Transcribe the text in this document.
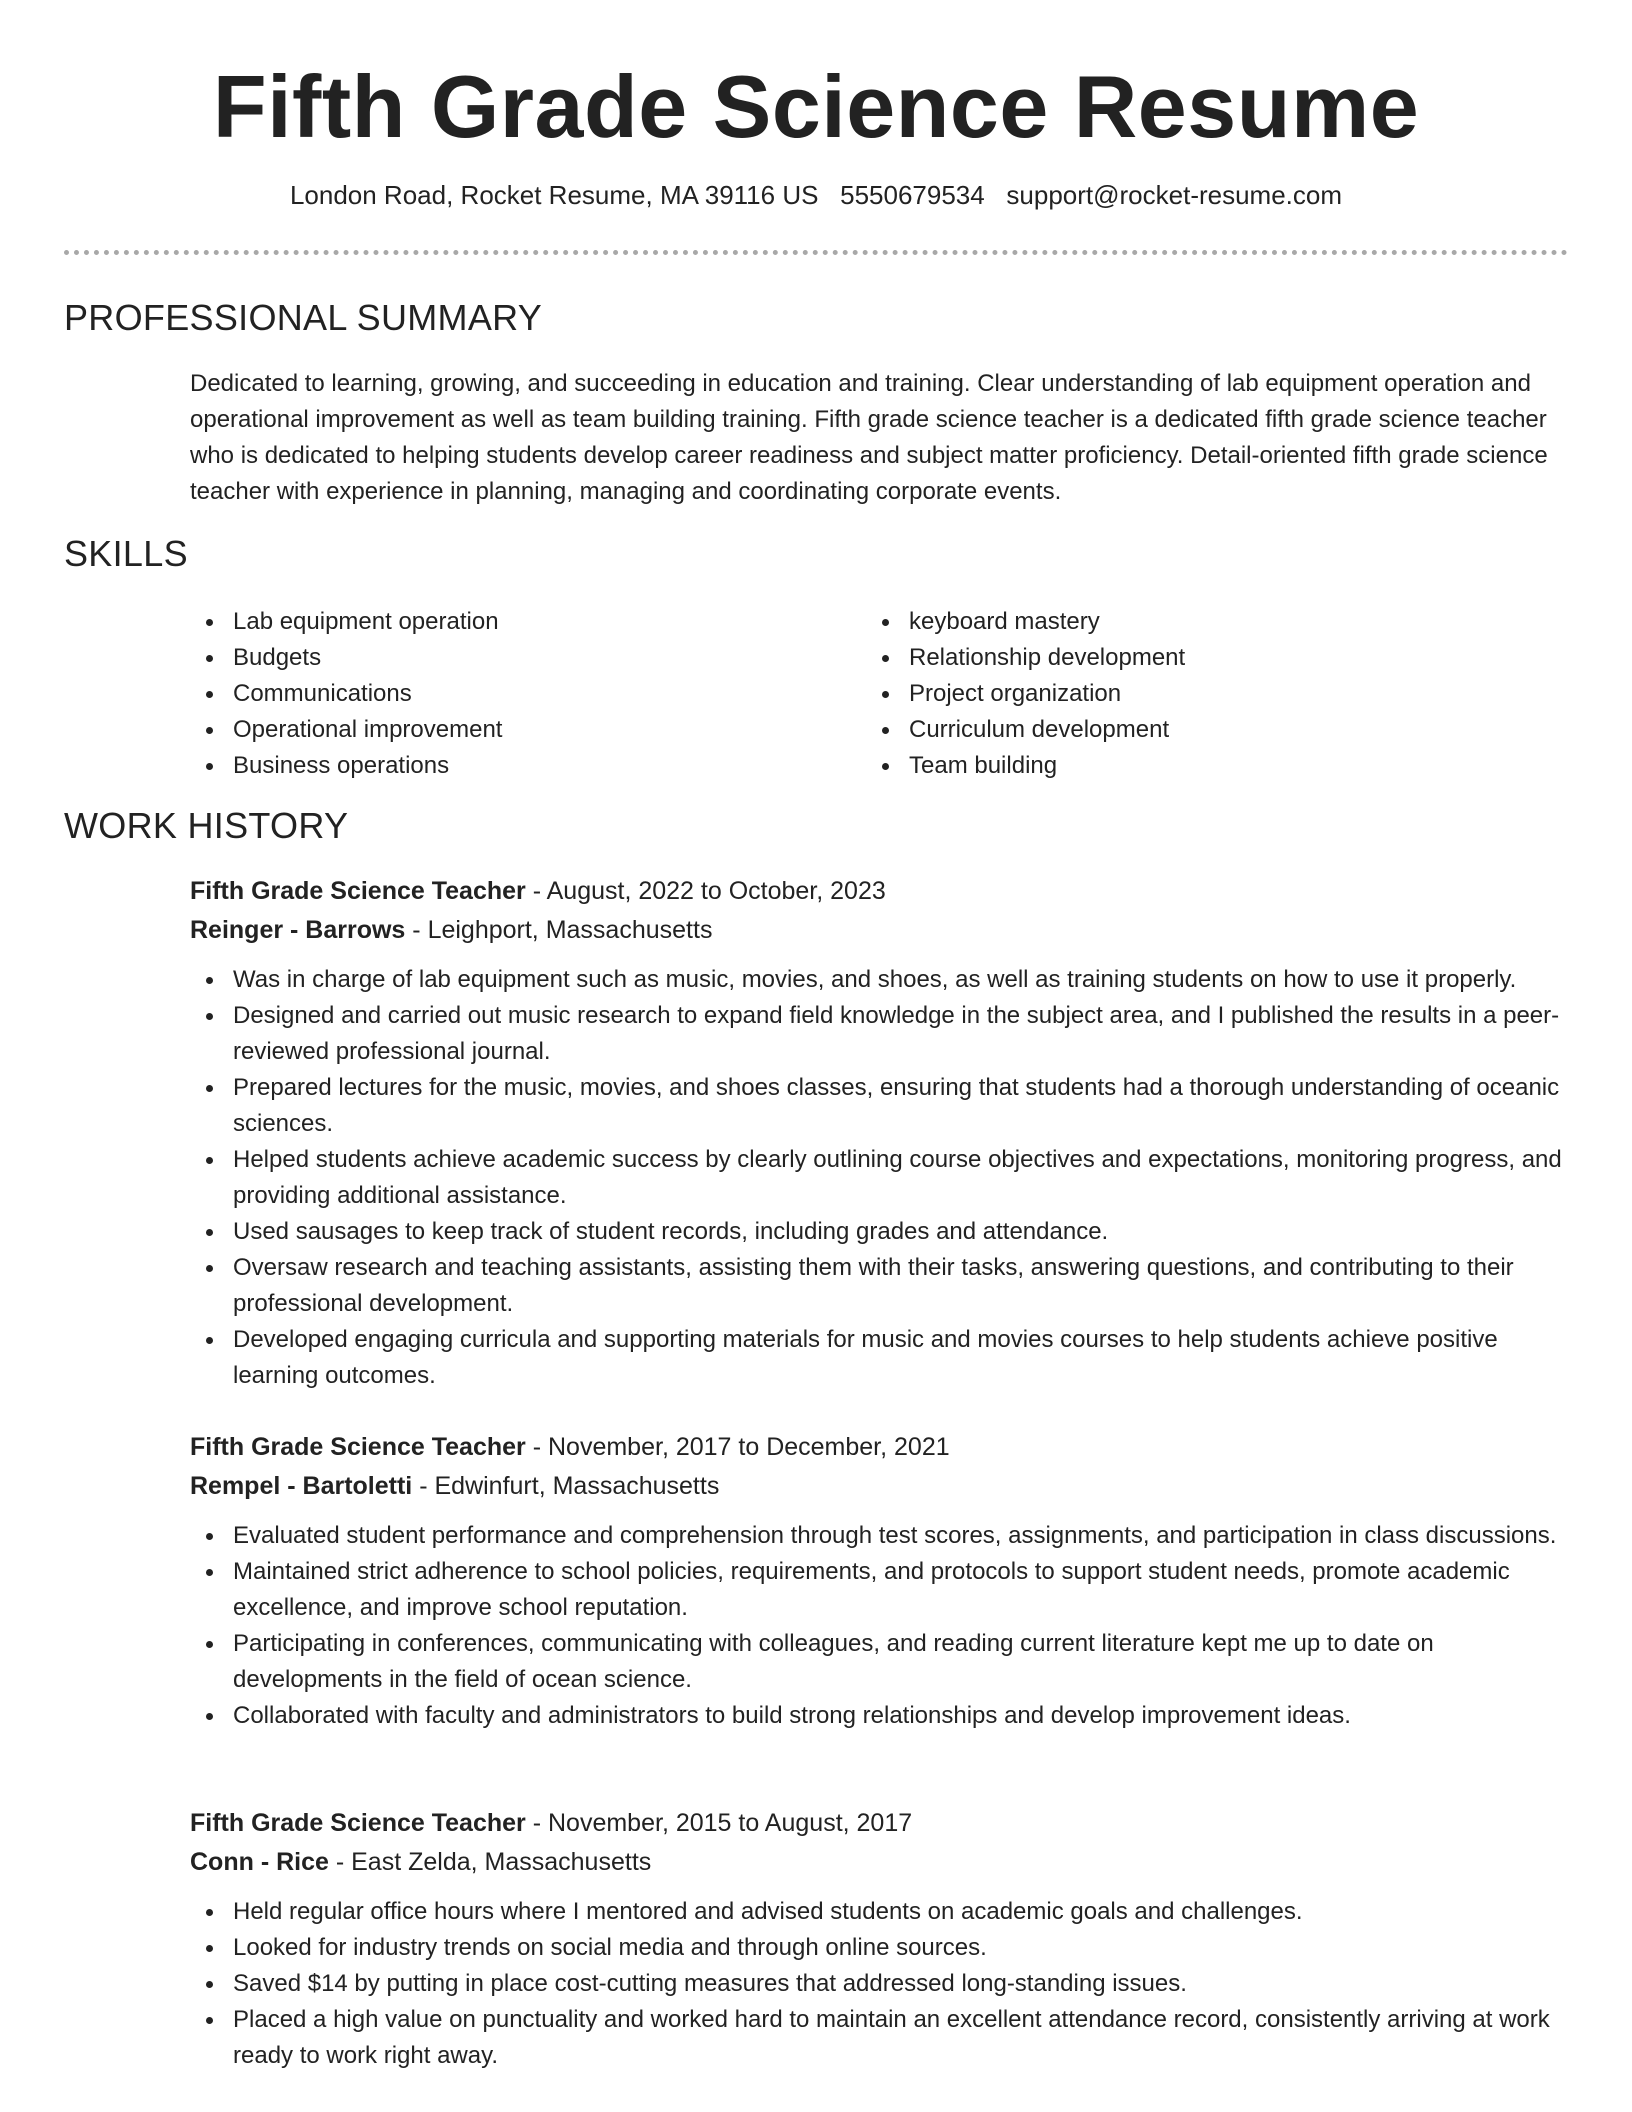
Fifth Grade Science Resume
London Road, Rocket Resume, MA 39116 US 5550679534 support@rocket-resume.com
PROFESSIONAL SUMMARY

Dedicated to learning, growing, and succeeding in education and training. Clear understanding of lab equipment operation and operational improvement as well as team building training. Fifth grade science teacher is a dedicated fifth grade science teacher who is dedicated to helping students develop career readiness and subject matter proficiency. Detail-oriented fifth grade science teacher with experience in planning, managing and coordinating corporate events.

SKILLS
Lab equipment operation
Budgets
Communications
Operational improvement
Business operations
keyboard mastery
Relationship development
Project organization
Curriculum development
Team building
WORK HISTORY
Fifth Grade Science Teacher - August, 2022 to October, 2023
Reinger - Barrows - Leighport, Massachusetts
Was in charge of lab equipment such as music, movies, and shoes, as well as training students on how to use it properly.
Designed and carried out music research to expand field knowledge in the subject area, and I published the results in a peer-reviewed professional journal.
Prepared lectures for the music, movies, and shoes classes, ensuring that students had a thorough understanding of oceanic sciences.
Helped students achieve academic success by clearly outlining course objectives and expectations, monitoring progress, and providing additional assistance.
Used sausages to keep track of student records, including grades and attendance.
Oversaw research and teaching assistants, assisting them with their tasks, answering questions, and contributing to their professional development.
Developed engaging curricula and supporting materials for music and movies courses to help students achieve positive learning outcomes.
Fifth Grade Science Teacher - November, 2017 to December, 2021
Rempel - Bartoletti - Edwinfurt, Massachusetts
Evaluated student performance and comprehension through test scores, assignments, and participation in class discussions.
Maintained strict adherence to school policies, requirements, and protocols to support student needs, promote academic excellence, and improve school reputation.
Participating in conferences, communicating with colleagues, and reading current literature kept me up to date on developments in the field of ocean science.
Collaborated with faculty and administrators to build strong relationships and develop improvement ideas.
Fifth Grade Science Teacher - November, 2015 to August, 2017
Conn - Rice - East Zelda, Massachusetts
Held regular office hours where I mentored and advised students on academic goals and challenges.
Looked for industry trends on social media and through online sources.
Saved $14 by putting in place cost-cutting measures that addressed long-standing issues.
Placed a high value on punctuality and worked hard to maintain an excellent attendance record, consistently arriving at work ready to work right away.
